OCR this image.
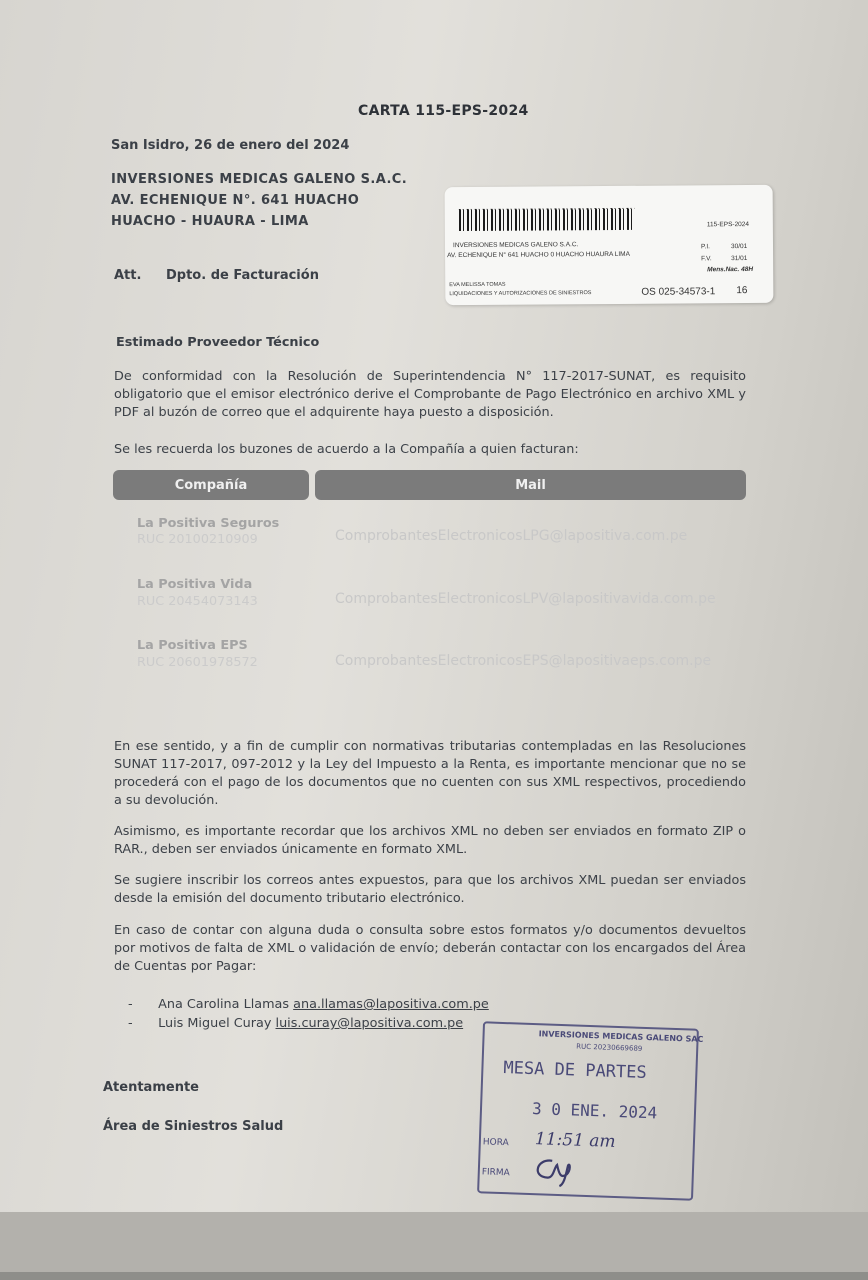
CARTA 115-EPS-2024

San Isidro, 26 de enero del 2024

INVERSIONES MEDICAS GALENO S.A.C.

AV. ECHENIQUE N°. 641 HUACHO

HUACHO - HUAURA - LIMA

Att. Dpto. de Facturación

115-EPS-2024

INVERSIONES MEDICAS GALENO S.A.C.

AV. ECHENIQUE N° 641 HUACHO 0 HUACHO HUAURA LIMA

P.I.	30/01

F.V.	31/01

Mens.Nac. 48H

EVA MELISSA TOMAS

LIQUIDACIONES Y AUTORIZACIONES DE SINIESTROS	OS 025-34573-1 16

Estimado Proveedor Técnico

De conformidad con la Resolución de Superintendencia N° 117-2017-SUNAT, es requisito obligatorio que el emisor electrónico derive el Comprobante de Pago Electrónico en archivo XML y PDF al buzón de correo que el adquirente haya puesto a disposición.

Se les recuerda los buzones de acuerdo a la Compañía a quien facturan:

Compañía	Mail

La Positiva Seguros

RUC 20100210909	ComprobantesElectronicosLPG@lapositiva.com.pe

La Positiva Vida

RUC 20454073143	ComprobantesElectronicosLPV@lapositivavida.com.pe

La Positiva EPS

RUC 20601978572	ComprobantesElectronicosEPS@lapositivaeps.com.pe

En ese sentido, y a fin de cumplir con normativas tributarias contempladas en las Resoluciones SUNAT 117-2017, 097-2012 y la Ley del Impuesto a la Renta, es importante mencionar que no se procederá con el pago de los documentos que no cuenten con sus XML respectivos, procediendo a su devolución.

Asimismo, es importante recordar que los archivos XML no deben ser enviados en formato ZIP o RAR., deben ser enviados únicamente en formato XML.

Se sugiere inscribir los correos antes expuestos, para que los archivos XML puedan ser enviados desde la emisión del documento tributario electrónico.

En caso de contar con alguna duda o consulta sobre estos formatos y/o documentos devueltos por motivos de falta de XML o validación de envío; deberán contactar con los encargados del Área de Cuentas por Pagar:

- Ana Carolina Llamas ana.llamas@lapositiva.com.pe

- Luis Miguel Curay luis.curay@lapositiva.com.pe

Atentamente

Área de Siniestros Salud

INVERSIONES MEDICAS GALENO SAC

RUC 20230669689

MESA DE PARTES

3 0 ENE. 2024

HORA 11:51 am

FIRMA
